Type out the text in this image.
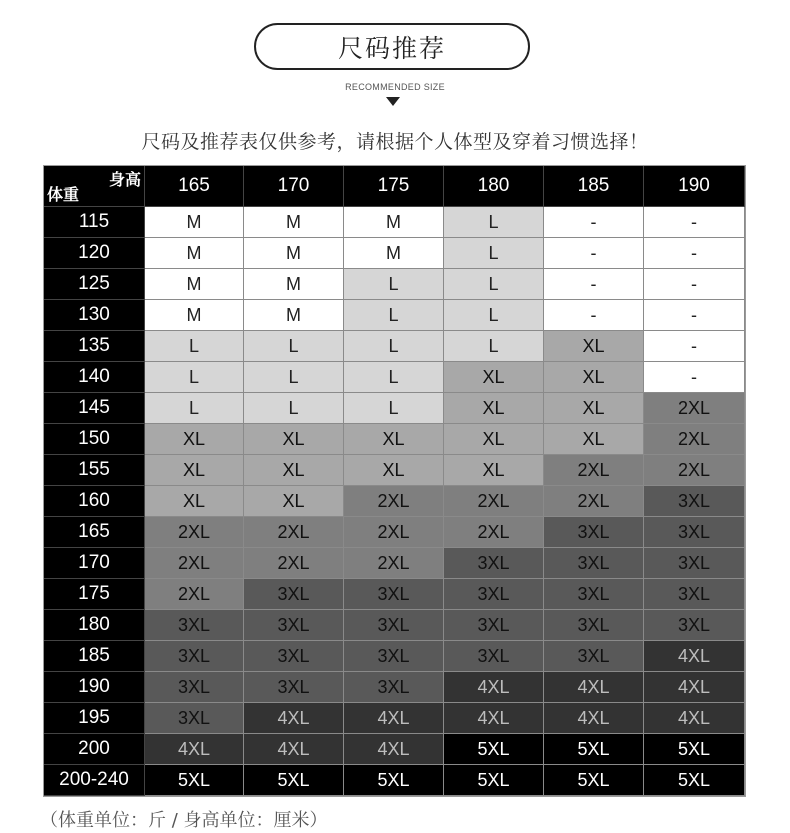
尺码推荐
RECOMMENDED SIZE
尺码及推荐表仅供参考，请根据个人体型及穿着习惯选择！
身高
体重	165	170	175	180	185	190
115	M	M	M	L	-	-
120	M	M	M	L	-	-
125	M	M	L	L	-	-
130	M	M	L	L	-	-
135	L	L	L	L	XL	-
140	L	L	L	XL	XL	-
145	L	L	L	XL	XL	2XL
150	XL	XL	XL	XL	XL	2XL
155	XL	XL	XL	XL	2XL	2XL
160	XL	XL	2XL	2XL	2XL	3XL
165	2XL	2XL	2XL	2XL	3XL	3XL
170	2XL	2XL	2XL	3XL	3XL	3XL
175	2XL	3XL	3XL	3XL	3XL	3XL
180	3XL	3XL	3XL	3XL	3XL	3XL
185	3XL	3XL	3XL	3XL	3XL	4XL
190	3XL	3XL	3XL	4XL	4XL	4XL
195	3XL	4XL	4XL	4XL	4XL	4XL
200	4XL	4XL	4XL	5XL	5XL	5XL
200-240	5XL	5XL	5XL	5XL	5XL	5XL
（体重单位：斤 / 身高单位：厘米）
